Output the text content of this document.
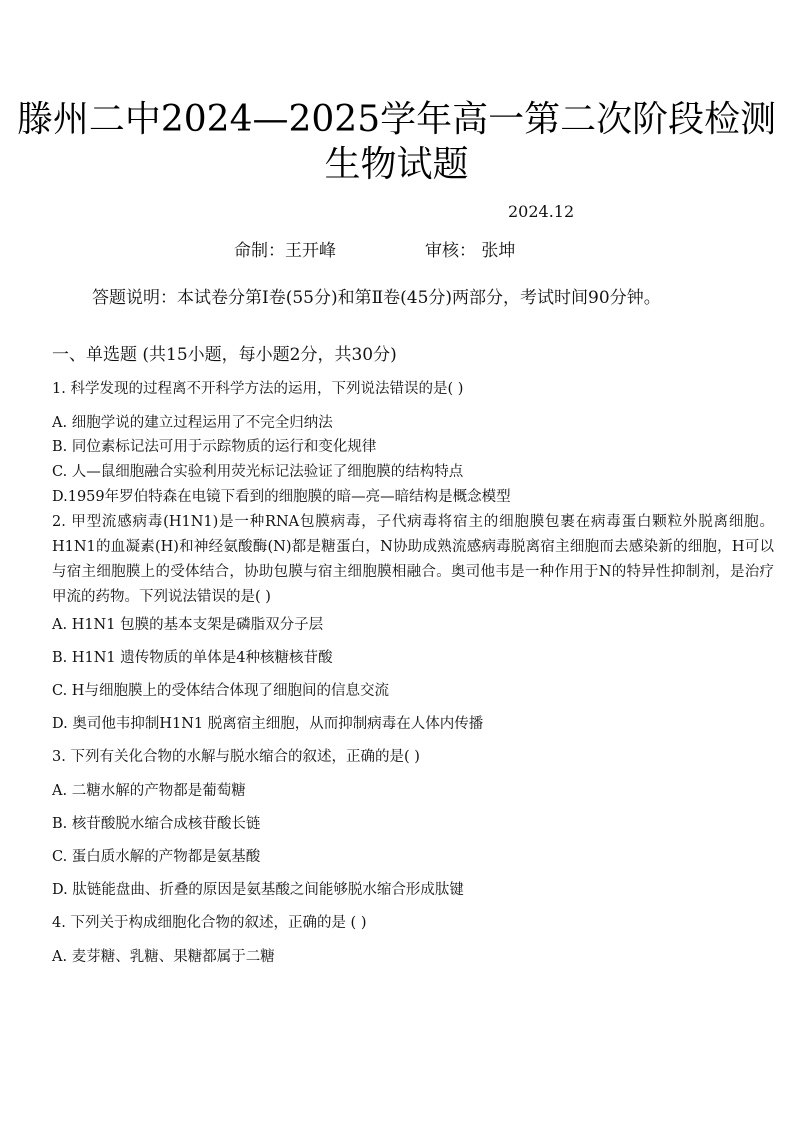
滕州二中2024—2025学年高一第二次阶段检测
生物试题
2024.12
命制：王开峰	审核： 张坤
答题说明：本试卷分第Ⅰ卷(55分)和第Ⅱ卷(45分)两部分，考试时间90分钟。
一、单选题 (共15小题，每小题2分，共30分)
1. 科学发现的过程离不开科学方法的运用，下列说法错误的是( )
A. 细胞学说的建立过程运用了不完全归纳法
B. 同位素标记法可用于示踪物质的运行和变化规律
C. 人—鼠细胞融合实验利用荧光标记法验证了细胞膜的结构特点
D.1959年罗伯特森在电镜下看到的细胞膜的暗—亮—暗结构是概念模型
2. 甲型流感病毒(H1N1)是一种RNA包膜病毒，子代病毒将宿主的细胞膜包裹在病毒蛋白颗粒外脱离细胞。H1N1的血凝素(H)和神经氨酸酶(N)都是糖蛋白，N协助成熟流感病毒脱离宿主细胞而去感染新的细胞，H可以与宿主细胞膜上的受体结合，协助包膜与宿主细胞膜相融合。奥司他韦是一种作用于N的特异性抑制剂，是治疗甲流的药物。下列说法错误的是( )
A. H1N1 包膜的基本支架是磷脂双分子层
B. H1N1 遗传物质的单体是4种核糖核苷酸
C. H与细胞膜上的受体结合体现了细胞间的信息交流
D. 奥司他韦抑制H1N1 脱离宿主细胞，从而抑制病毒在人体内传播
3. 下列有关化合物的水解与脱水缩合的叙述，正确的是( )
A. 二糖水解的产物都是葡萄糖
B. 核苷酸脱水缩合成核苷酸长链
C. 蛋白质水解的产物都是氨基酸
D. 肽链能盘曲、折叠的原因是氨基酸之间能够脱水缩合形成肽键
4. 下列关于构成细胞化合物的叙述，正确的是 ( )
A. 麦芽糖、乳糖、果糖都属于二糖
